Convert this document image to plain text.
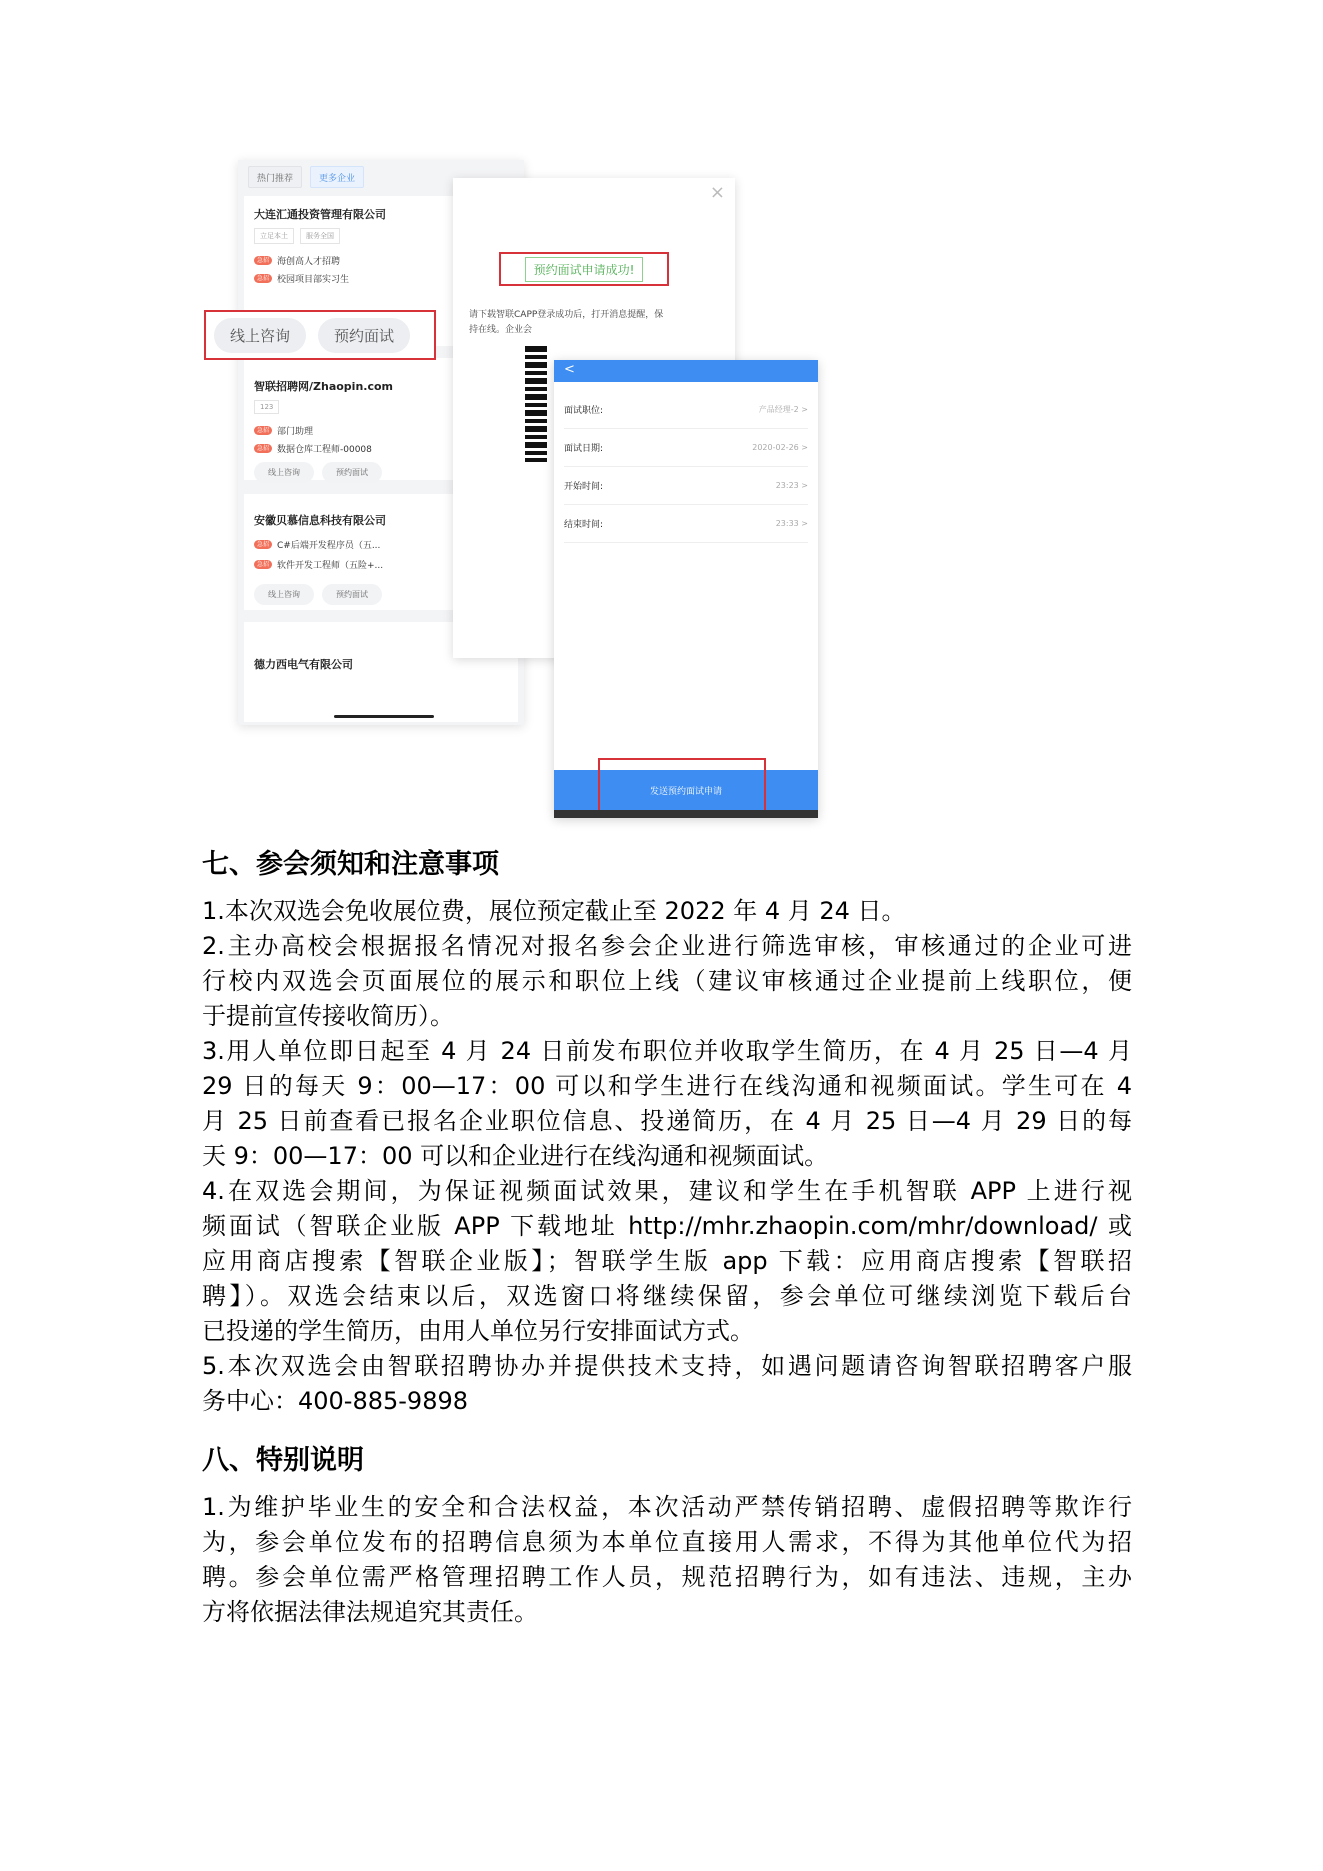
热门推荐	更多企业
大连汇通投资管理有限公司
立足本土	服务全国
急招 海创高人才招聘
急招 校园项目部实习生
智联招聘网/Zhaopin.com
123
急招 部门助理
急招 数据仓库工程师-00008
线上咨询	预约面试
安徽贝慕信息科技有限公司
急招 C#后端开发程序员（五...
急招 软件开发工程师（五险+...
线上咨询	预约面试
德力西电气有限公司
线上咨询	预约面试
×
预约面试申请成功!
请下载智联CAPP登录成功后，打开消息提醒，保
持在线。企业会
<
面试职位:	产品经理-2 >
面试日期:	2020-02-26 >
开始时间:	23:23 >
结束时间:	23:33 >
发送预约面试申请
七、参会须知和注意事项
1.本次双选会免收展位费，展位预定截止至 2022 年 4 月 24 日。
2.主办高校会根据报名情况对报名参会企业进行筛选审核，审核通过的企业可进
行校内双选会页面展位的展示和职位上线（建议审核通过企业提前上线职位，便
于提前宣传接收简历）。
3.用人单位即日起至 4 月 24 日前发布职位并收取学生简历，在 4 月 25 日—4 月
29 日的每天 9：00—17：00 可以和学生进行在线沟通和视频面试。学生可在 4
月 25 日前查看已报名企业职位信息、投递简历，在 4 月 25 日—4 月 29 日的每
天 9：00—17：00 可以和企业进行在线沟通和视频面试。
4.在双选会期间，为保证视频面试效果，建议和学生在手机智联 APP 上进行视
频面试（智联企业版 APP 下载地址 http://mhr.zhaopin.com/mhr/download/ 或
应用商店搜索【智联企业版】；智联学生版 app 下载：应用商店搜索【智联招
聘】）。双选会结束以后，双选窗口将继续保留，参会单位可继续浏览下载后台
已投递的学生简历，由用人单位另行安排面试方式。
5.本次双选会由智联招聘协办并提供技术支持，如遇问题请咨询智联招聘客户服
务中心：400-885-9898
八、特别说明
1.为维护毕业生的安全和合法权益，本次活动严禁传销招聘、虚假招聘等欺诈行
为，参会单位发布的招聘信息须为本单位直接用人需求，不得为其他单位代为招
聘。参会单位需严格管理招聘工作人员，规范招聘行为，如有违法、违规，主办
方将依据法律法规追究其责任。
